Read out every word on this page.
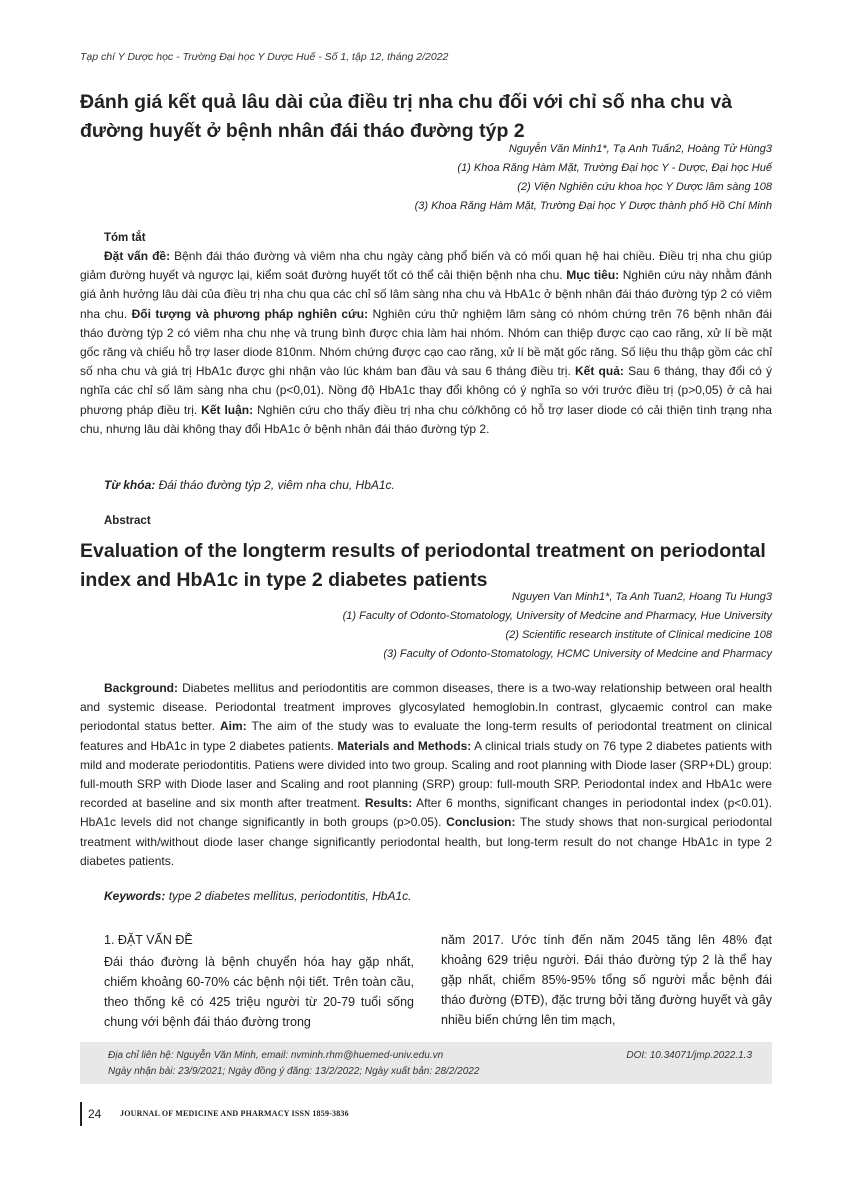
Tạp chí Y Dược học - Trường Đại học Y Dược Huế - Số 1, tập 12, tháng 2/2022
Đánh giá kết quả lâu dài của điều trị nha chu đối với chỉ số nha chu và đường huyết ở bệnh nhân đái tháo đường týp 2
Nguyễn Văn Minh1*, Tạ Anh Tuấn2, Hoàng Tử Hùng3
(1) Khoa Răng Hàm Mặt, Trường Đại học Y - Dược, Đại học Huế
(2) Viện Nghiên cứu khoa học Y Dược lâm sàng 108
(3) Khoa Răng Hàm Mặt, Trường Đại học Y Dược thành phố Hồ Chí Minh
Tóm tắt
Đặt vấn đề: Bệnh đái tháo đường và viêm nha chu ngày càng phổ biến và có mối quan hệ hai chiều. Điều trị nha chu giúp giảm đường huyết và ngược lại, kiểm soát đường huyết tốt có thể cải thiện bệnh nha chu. Mục tiêu: Nghiên cứu này nhằm đánh giá ảnh hưởng lâu dài của điều trị nha chu qua các chỉ số lâm sàng nha chu và HbA1c ở bệnh nhân đái tháo đường týp 2 có viêm nha chu. Đối tượng và phương pháp nghiên cứu: Nghiên cứu thử nghiệm lâm sàng có nhóm chứng trên 76 bệnh nhân đái tháo đường týp 2 có viêm nha chu nhẹ và trung bình được chia làm hai nhóm. Nhóm can thiệp được cạo cao răng, xử lí bề mặt gốc răng và chiếu hỗ trợ laser diode 810nm. Nhóm chứng được cạo cao răng, xử lí bề mặt gốc răng. Số liệu thu thập gồm các chỉ số nha chu và giá trị HbA1c được ghi nhận vào lúc khám ban đầu và sau 6 tháng điều trị. Kết quả: Sau 6 tháng, thay đổi có ý nghĩa các chỉ số lâm sàng nha chu (p<0,01). Nồng độ HbA1c thay đổi không có ý nghĩa so với trước điều trị (p>0,05) ở cả hai phương pháp điều trị. Kết luận: Nghiên cứu cho thấy điều trị nha chu có/không có hỗ trợ laser diode có cải thiện tình trạng nha chu, nhưng lâu dài không thay đổi HbA1c ở bệnh nhân đái tháo đường týp 2.
Từ khóa: Đái tháo đường týp 2, viêm nha chu, HbA1c.
Abstract
Evaluation of the longterm results of periodontal treatment on periodontal index and HbA1c in type 2 diabetes patients
Nguyen Van Minh1*, Ta Anh Tuan2, Hoang Tu Hung3
(1) Faculty of Odonto-Stomatology, University of Medcine and Pharmacy, Hue University
(2) Scientific research institute of Clinical medicine 108
(3) Faculty of Odonto-Stomatology, HCMC University of Medcine and Pharmacy
Background: Diabetes mellitus and periodontitis are common diseases, there is a two-way relationship between oral health and systemic disease. Periodontal treatment improves glycosylated hemoglobin.In contrast, glycaemic control can make periodontal status better. Aim: The aim of the study was to evaluate the long-term results of periodontal treatment on clinical features and HbA1c in type 2 diabetes patients. Materials and Methods: A clinical trials study on 76 type 2 diabetes patients with mild and moderate periodontitis. Patiens were divided into two group. Scaling and root planning with Diode laser (SRP+DL) group: full-mouth SRP with Diode laser and Scaling and root planning (SRP) group: full-mouth SRP. Periodontal index and HbA1c were recorded at baseline and six month after treatment. Results: After 6 months, significant changes in periodontal index (p<0.01). HbA1c levels did not change significantly in both groups (p>0.05). Conclusion: The study shows that non-surgical periodontal treatment with/without diode laser change significantly periodontal health, but long-term result do not change HbA1c in type 2 diabetes patients.
Keywords: type 2 diabetes mellitus, periodontitis, HbA1c.
1. ĐẶT VẤN ĐỀ
Đái tháo đường là bệnh chuyển hóa hay gặp nhất, chiếm khoảng 60-70% các bệnh nội tiết. Trên toàn cầu, theo thống kê có 425 triệu người từ 20-79 tuổi sống chung với bệnh đái tháo đường trong
năm 2017. Ước tính đến năm 2045 tăng lên 48% đạt khoảng 629 triệu người. Đái tháo đường týp 2 là thể hay gặp nhất, chiếm 85%-95% tổng số người mắc bệnh đái tháo đường (ĐTĐ), đặc trưng bởi tăng đường huyết và gây nhiều biến chứng lên tim mạch,
Địa chỉ liên hệ: Nguyễn Văn Minh, email: nvminh.rhm@huemed-univ.edu.vn	DOI: 10.34071/jmp.2022.1.3
Ngày nhận bài: 23/9/2021; Ngày đồng ý đăng: 13/2/2022; Ngày xuất bản: 28/2/2022
24 JOURNAL OF MEDICINE AND PHARMACY ISSN 1859-3836
